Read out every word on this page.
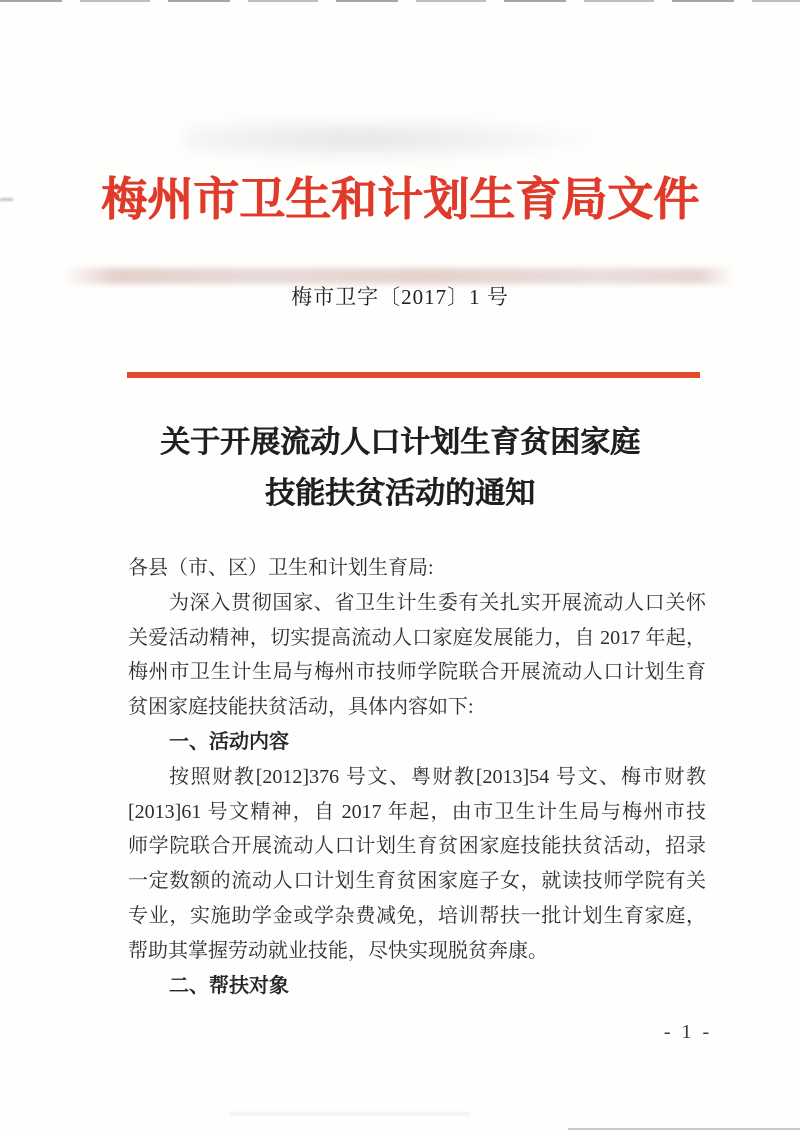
梅州市卫生和计划生育局文件
梅市卫字〔2017〕1 号
关于开展流动人口计划生育贫困家庭
技能扶贫活动的通知
各县（市、区）卫生和计划生育局:
为深入贯彻国家、省卫生计生委有关扎实开展流动人口关怀
关爱活动精神，切实提高流动人口家庭发展能力，自 2017 年起，
梅州市卫生计生局与梅州市技师学院联合开展流动人口计划生育
贫困家庭技能扶贫活动，具体内容如下:
一、活动内容
按照财教[2012]376 号文、粤财教[2013]54 号文、梅市财教
[2013]61 号文精神，自 2017 年起，由市卫生计生局与梅州市技
师学院联合开展流动人口计划生育贫困家庭技能扶贫活动，招录
一定数额的流动人口计划生育贫困家庭子女，就读技师学院有关
专业，实施助学金或学杂费减免，培训帮扶一批计划生育家庭，
帮助其掌握劳动就业技能，尽快实现脱贫奔康。
二、帮扶对象
- 1 -
